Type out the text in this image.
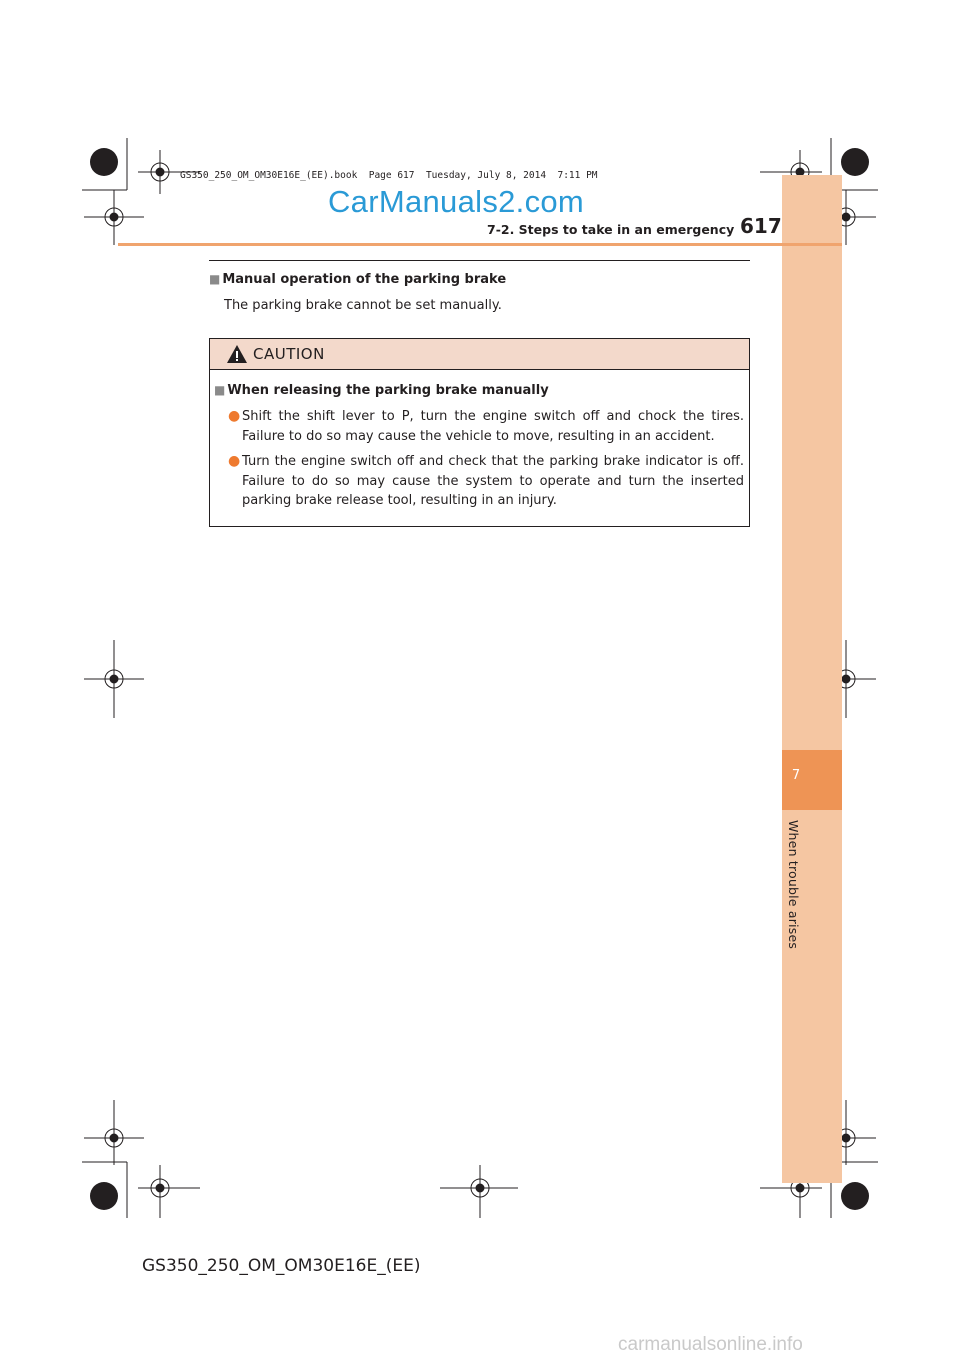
7
When trouble arises
GS350_250_OM_OM30E16E_(EE).book  Page 617  Tuesday, July 8, 2014  7:11 PM
CarManuals2.com
7-2. Steps to take in an emergency 617
■ Manual operation of the parking brake
The parking brake cannot be set manually.
CAUTION
■ When releasing the parking brake manually
● Shift the shift lever to P, turn the engine switch off and chock the tires. Failure to do so may cause the vehicle to move, resulting in an accident.
● Turn the engine switch off and check that the parking brake indicator is off. Failure to do so may cause the system to operate and turn the inserted parking brake release tool, resulting in an injury.
GS350_250_OM_OM30E16E_(EE)
carmanualsonline.info
